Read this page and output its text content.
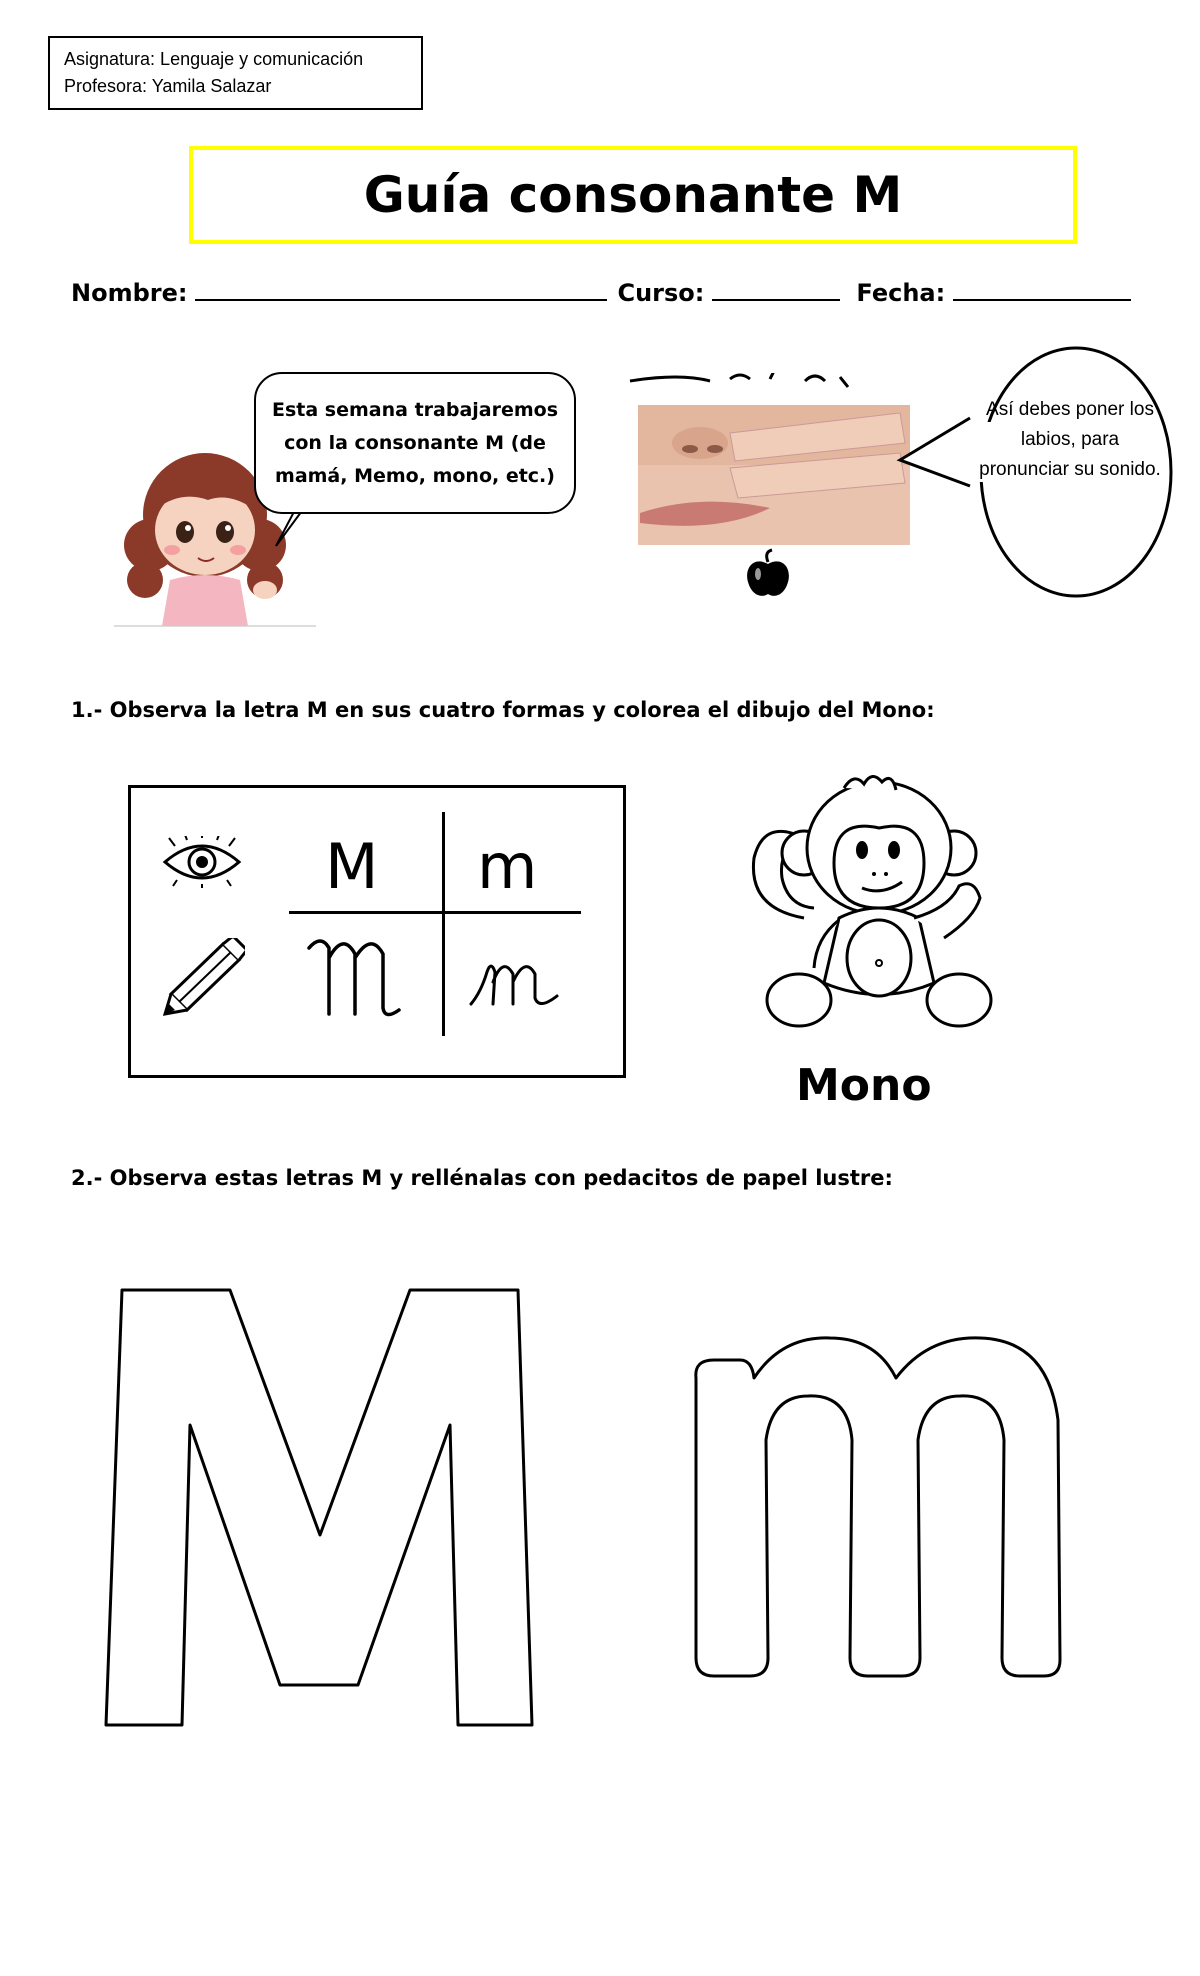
Asignatura: Lenguaje y comunicación
Profesora: Yamila Salazar
Guía consonante M
Nombre:	Curso:	Fecha:
Esta semana trabajaremos con la consonante M (de mamá, Memo, mono, etc.)
Así debes poner los labios, para pronunciar su sonido.
1.- Observa la letra M en sus cuatro formas y colorea el dibujo del Mono:
M m
Mono
2.- Observa estas letras M y rellénalas con pedacitos de papel lustre:
